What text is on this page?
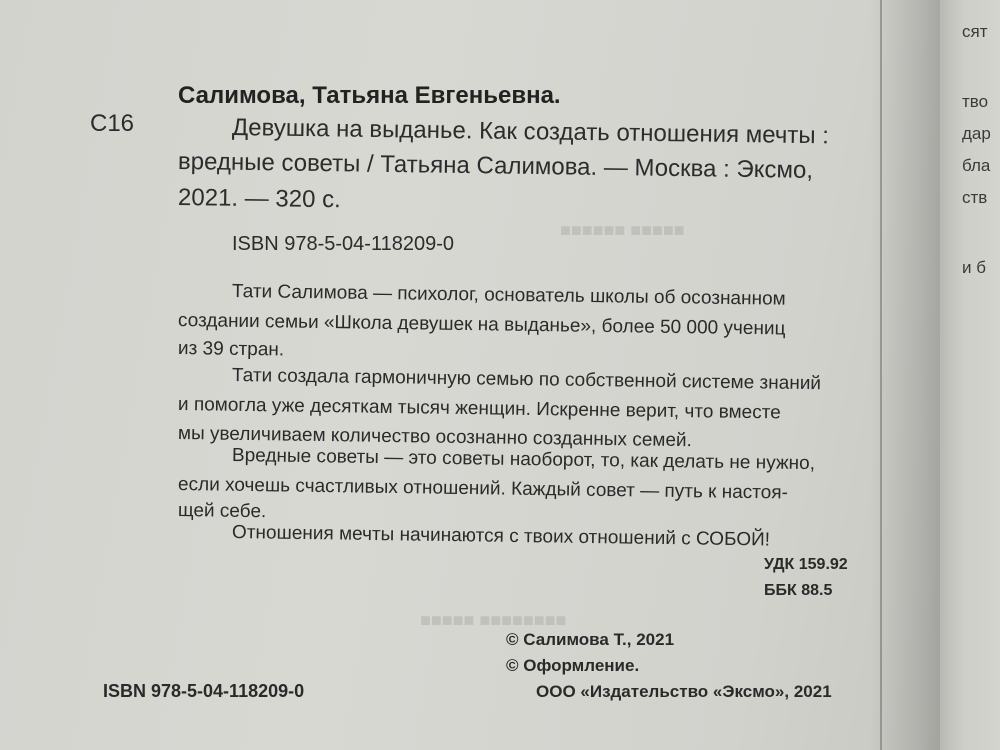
■■■■■ ■■■■■■
■■■■■■■■ ■■■■■
Салимова, Татьяна Евгеньевна.
С16	Девушка на выданье. Как создать отношения мечты :
вредные советы / Татьяна Салимова. — Москва : Эксмо,
2021. — 320 с.
ISBN 978-5-04-118209-0
Тати Салимова — психолог, основатель школы об осознанном
создании семьи «Школа девушек на выданье», более 50 000 учениц
из 39 стран.
Тати создала гармоничную семью по собственной системе знаний
и помогла уже десяткам тысяч женщин. Искренне верит, что вместе
мы увеличиваем количество осознанно созданных семей.
Вредные советы — это советы наоборот, то, как делать не нужно,
если хочешь счастливых отношений. Каждый совет — путь к настоя-
щей себе.
Отношения мечты начинаются с твоих отношений с СОБОЙ!
УДК 159.92
ББК 88.5
© Салимова Т., 2021
© Оформление.
ООО «Издательство «Эксмо», 2021
ISBN 978-5-04-118209-0
сят
тво
дар
бла
ств
и б
